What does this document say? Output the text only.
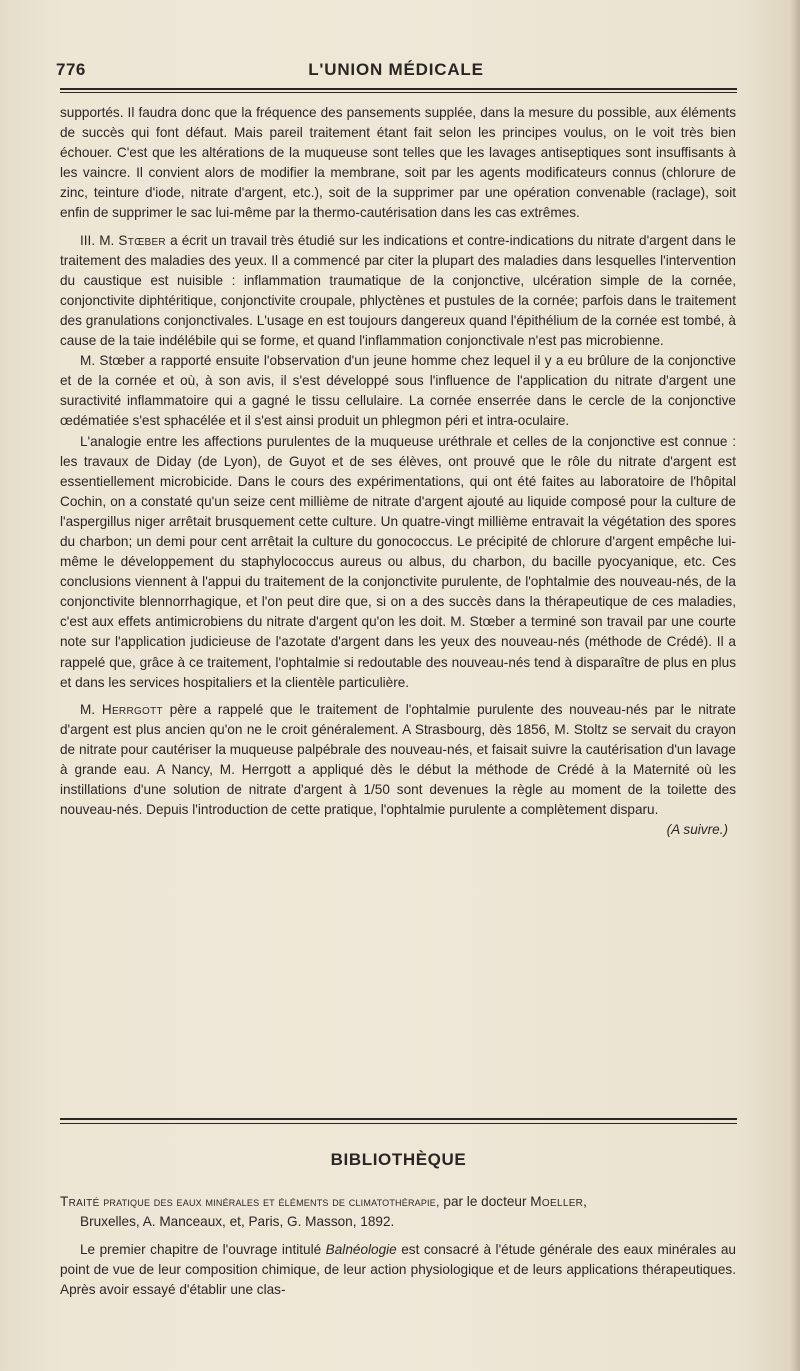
776	L'UNION MÉDICALE

supportés. Il faudra donc que la fréquence des pansements supplée, dans la mesure du possible, aux éléments de succès qui font défaut. Mais pareil traitement étant fait selon les principes voulus, on le voit très bien échouer. C'est que les altérations de la muqueuse sont telles que les lavages antiseptiques sont insuffisants à les vaincre. Il convient alors de modifier la membrane, soit par les agents modificateurs connus (chlorure de zinc, teinture d'iode, nitrate d'argent, etc.), soit de la supprimer par une opération convenable (raclage), soit enfin de supprimer le sac lui-même par la thermo-cautérisation dans les cas extrêmes.

III. M. Stœber a écrit un travail très étudié sur les indications et contre-indications du nitrate d'argent dans le traitement des maladies des yeux. Il a commencé par citer la plupart des maladies dans lesquelles l'intervention du caustique est nuisible : inflammation traumatique de la conjonctive, ulcération simple de la cornée, conjonctivite diphtéritique, conjonctivite croupale, phlyctènes et pustules de la cornée; parfois dans le traitement des granulations conjonctivales. L'usage en est toujours dangereux quand l'épithélium de la cornée est tombé, à cause de la taie indélébile qui se forme, et quand l'inflammation conjonctivale n'est pas microbienne.

M. Stœber a rapporté ensuite l'observation d'un jeune homme chez lequel il y a eu brûlure de la conjonctive et de la cornée et où, à son avis, il s'est développé sous l'influence de l'application du nitrate d'argent une suractivité inflammatoire qui a gagné le tissu cellulaire. La cornée enserrée dans le cercle de la conjonctive œdématiée s'est sphacélée et il s'est ainsi produit un phlegmon péri et intra-oculaire.

L'analogie entre les affections purulentes de la muqueuse uréthrale et celles de la conjonctive est connue : les travaux de Diday (de Lyon), de Guyot et de ses élèves, ont prouvé que le rôle du nitrate d'argent est essentiellement microbicide. Dans le cours des expérimentations, qui ont été faites au laboratoire de l'hôpital Cochin, on a constaté qu'un seize cent millième de nitrate d'argent ajouté au liquide composé pour la culture de l'aspergillus niger arrêtait brusquement cette culture. Un quatre-vingt millième entravait la végétation des spores du charbon; un demi pour cent arrêtait la culture du gonococcus. Le précipité de chlorure d'argent empêche lui-même le développement du staphylococcus aureus ou albus, du charbon, du bacille pyocyanique, etc. Ces conclusions viennent à l'appui du traitement de la conjonctivite purulente, de l'ophtalmie des nouveau-nés, de la conjonctivite blennorrhagique, et l'on peut dire que, si on a des succès dans la thérapeutique de ces maladies, c'est aux effets antimicrobiens du nitrate d'argent qu'on les doit. M. Stœber a terminé son travail par une courte note sur l'application judicieuse de l'azotate d'argent dans les yeux des nouveau-nés (méthode de Crédé). Il a rappelé que, grâce à ce traitement, l'ophtalmie si redoutable des nouveau-nés tend à disparaître de plus en plus et dans les services hospitaliers et la clientèle particulière.

M. Herrgott père a rappelé que le traitement de l'ophtalmie purulente des nouveau-nés par le nitrate d'argent est plus ancien qu'on ne le croit généralement. A Strasbourg, dès 1856, M. Stoltz se servait du crayon de nitrate pour cautériser la muqueuse palpébrale des nouveau-nés, et faisait suivre la cautérisation d'un lavage à grande eau. A Nancy, M. Herrgott a appliqué dès le début la méthode de Crédé à la Maternité où les instillations d'une solution de nitrate d'argent à 1/50 sont devenues la règle au moment de la toilette des nouveau-nés. Depuis l'introduction de cette pratique, l'ophtalmie purulente a complètement disparu.
(A suivre.)

BIBLIOTHÈQUE

Traité pratique des eaux minérales et éléments de climatothérapie, par le docteur Moeller,
Bruxelles, A. Manceaux, et, Paris, G. Masson, 1892.

Le premier chapitre de l'ouvrage intitulé Balnéologie est consacré à l'étude générale des eaux minérales au point de vue de leur composition chimique, de leur action physiologique et de leurs applications thérapeutiques. Après avoir essayé d'établir une clas-
